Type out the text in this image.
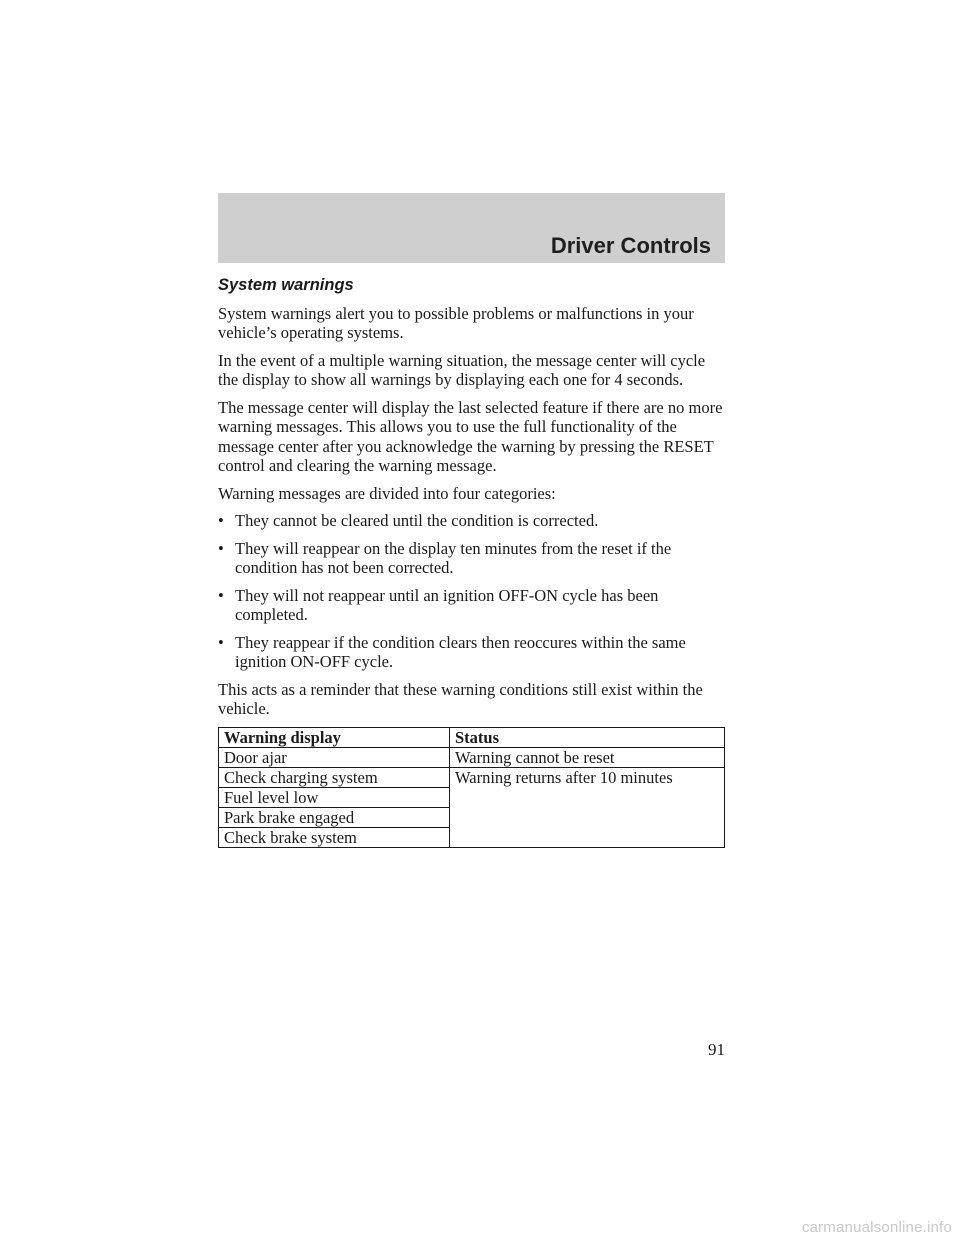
Driver Controls
System warnings

System warnings alert you to possible problems or malfunctions in your vehicle’s operating systems.

In the event of a multiple warning situation, the message center will cycle the display to show all warnings by displaying each one for 4 seconds.

The message center will display the last selected feature if there are no more warning messages. This allows you to use the full functionality of the message center after you acknowledge the warning by pressing the RESET control and clearing the warning message.

Warning messages are divided into four categories:

• They cannot be cleared until the condition is corrected.
• They will reappear on the display ten minutes from the reset if the condition has not been corrected.
• They will not reappear until an ignition OFF-ON cycle has been completed.
• They reappear if the condition clears then reoccures within the same ignition ON-OFF cycle.

This acts as a reminder that these warning conditions still exist within the vehicle.

Warning display	Status
Door ajar	Warning cannot be reset
Check charging system	Warning returns after 10 minutes
Fuel level low	
Park brake engaged	
Check brake system	
91
carmanualsonline.info
